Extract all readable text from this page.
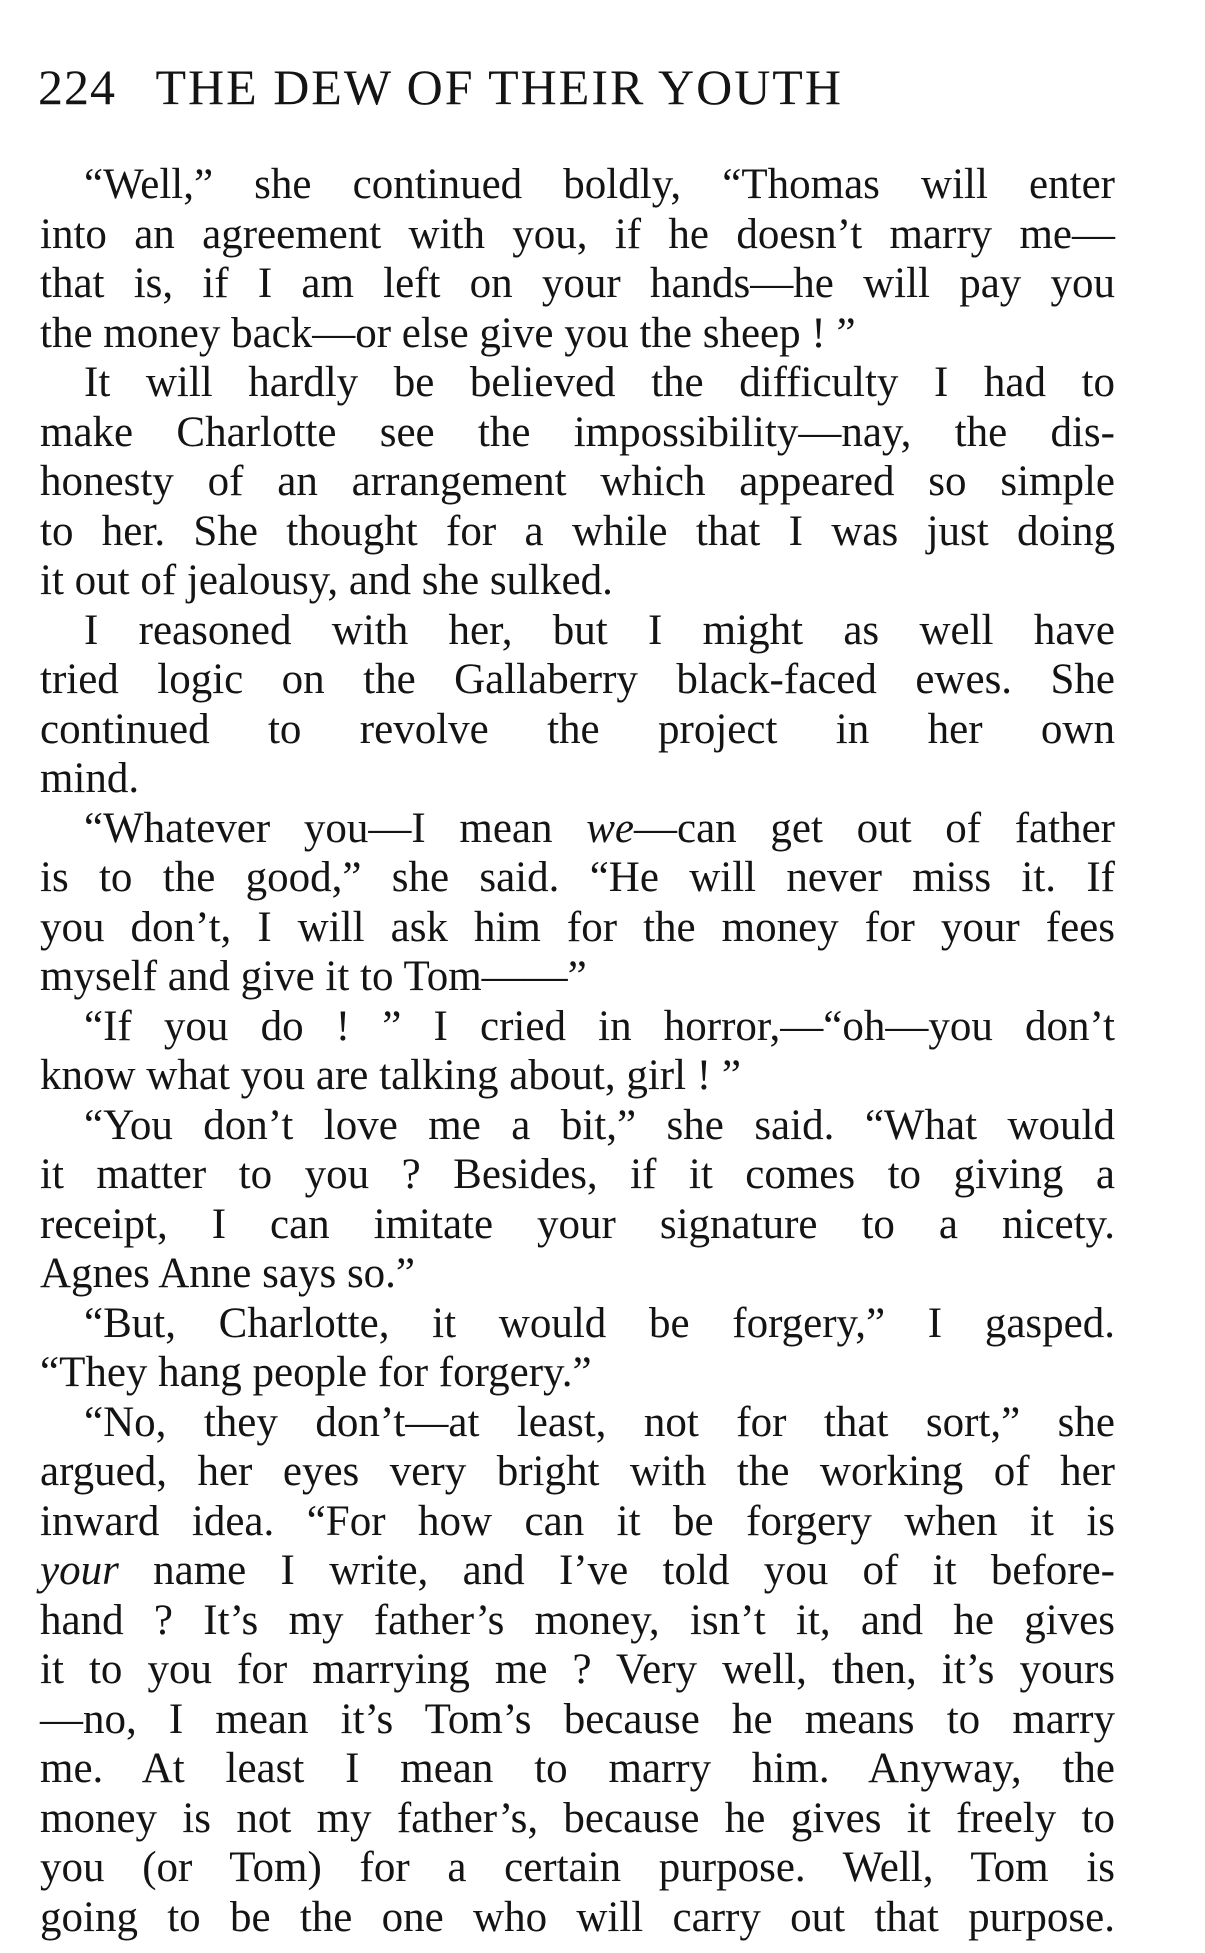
224 THE DEW OF THEIR YOUTH
“Well,” she continued boldly, “Thomas will enter
into an agreement with you, if he doesn’t marry me—
that is, if I am left on your hands—he will pay you
the money back—or else give you the sheep ! ”
It will hardly be believed the difficulty I had to
make Charlotte see the impossibility—nay, the dis-
honesty of an arrangement which appeared so simple
to her. She thought for a while that I was just doing
it out of jealousy, and she sulked.
I reasoned with her, but I might as well have
tried logic on the Gallaberry black-faced ewes. She
continued to revolve the project in her own
mind.
“Whatever you—I mean we—can get out of father
is to the good,” she said. “He will never miss it. If
you don’t, I will ask him for the money for your fees
myself and give it to Tom——”
“If you do ! ” I cried in horror,—“oh—you don’t
know what you are talking about, girl ! ”
“You don’t love me a bit,” she said. “What would
it matter to you ? Besides, if it comes to giving a
receipt, I can imitate your signature to a nicety.
Agnes Anne says so.”
“But, Charlotte, it would be forgery,” I gasped.
“They hang people for forgery.”
“No, they don’t—at least, not for that sort,” she
argued, her eyes very bright with the working of her
inward idea. “For how can it be forgery when it is
your name I write, and I’ve told you of it before-
hand ? It’s my father’s money, isn’t it, and he gives
it to you for marrying me ? Very well, then, it’s yours
—no, I mean it’s Tom’s because he means to marry
me. At least I mean to marry him. Anyway, the
money is not my father’s, because he gives it freely to
you (or Tom) for a certain purpose. Well, Tom is
going to be the one who will carry out that purpose.
